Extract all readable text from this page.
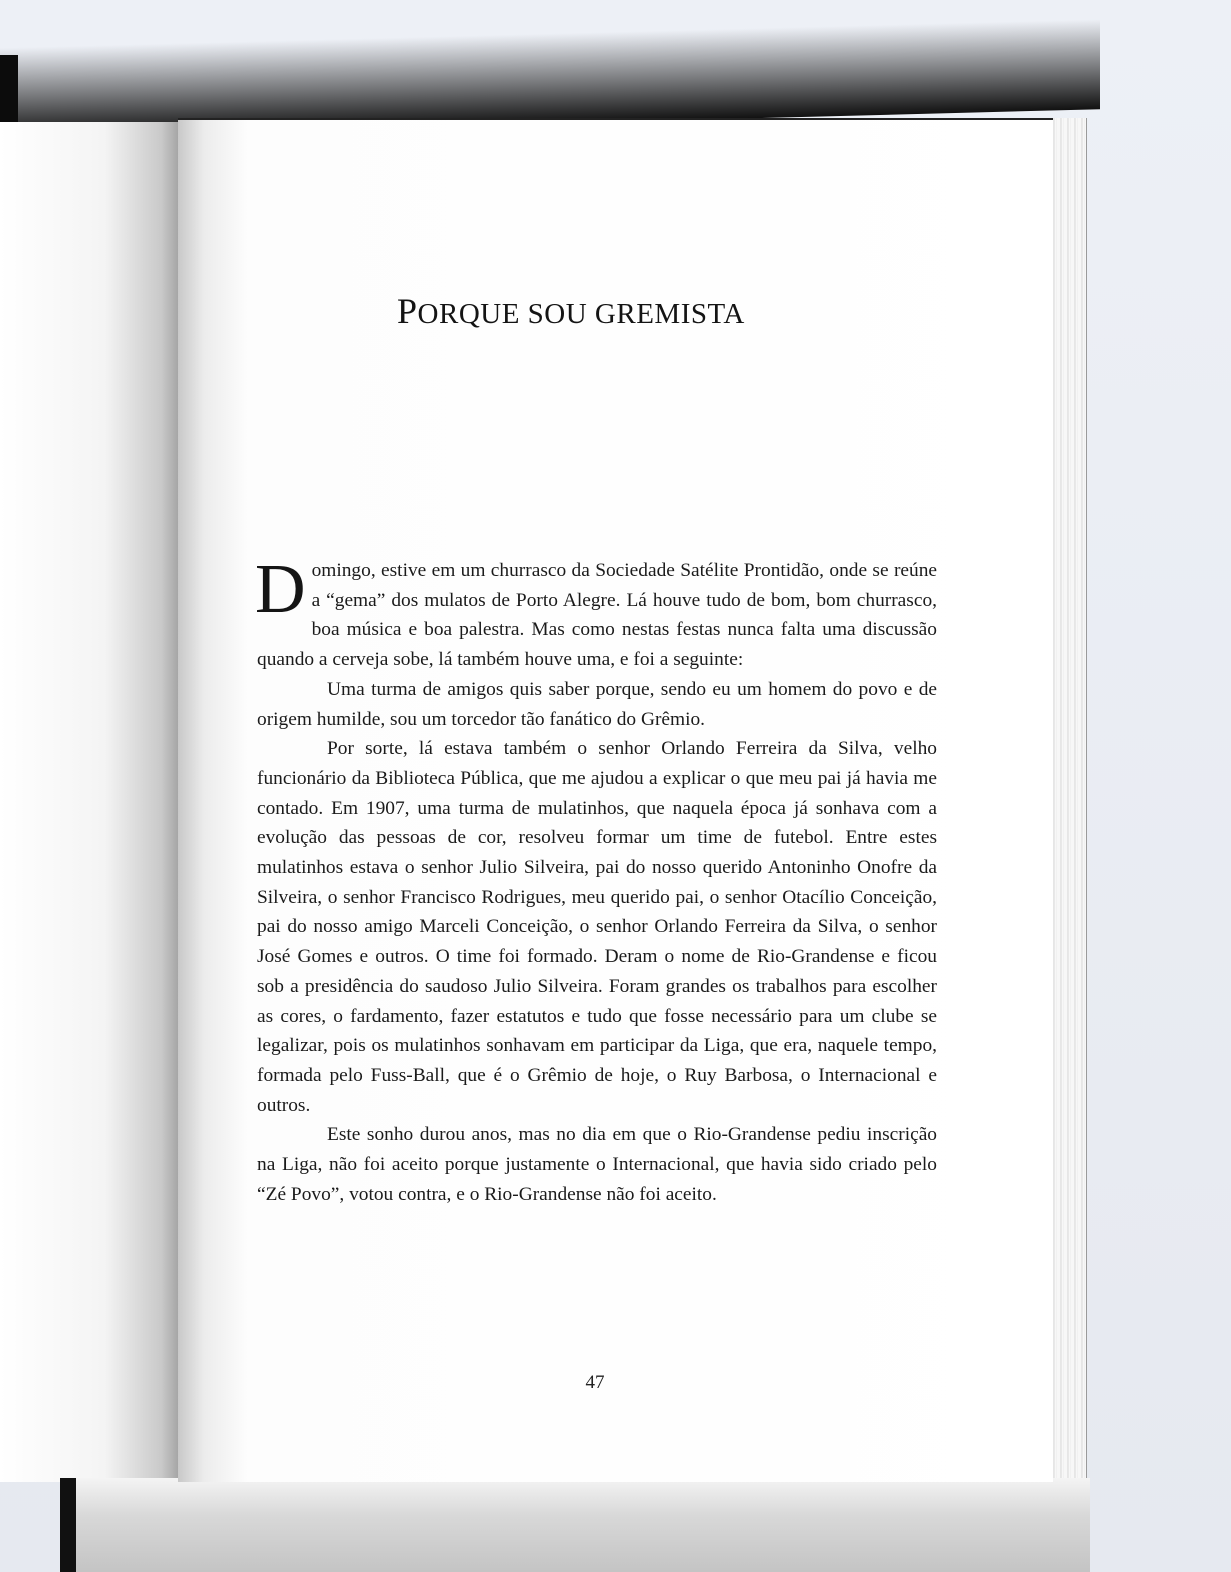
PORQUE SOU GREMISTA

Domingo, estive em um churrasco da Sociedade Satélite Prontidão, onde se reúne a “gema” dos mulatos de Porto Alegre. Lá houve tudo de bom, bom churrasco, boa música e boa palestra. Mas como nestas festas nunca falta uma discussão quando a cerveja sobe, lá também houve uma, e foi a seguinte:

Uma turma de amigos quis saber porque, sendo eu um homem do povo e de origem humilde, sou um torcedor tão fanático do Grêmio.

Por sorte, lá estava também o senhor Orlando Ferreira da Silva, velho funcionário da Biblioteca Pública, que me ajudou a explicar o que meu pai já havia me contado. Em 1907, uma turma de mulatinhos, que naquela época já sonhava com a evolução das pessoas de cor, resolveu formar um time de futebol. Entre estes mulatinhos estava o senhor Julio Silveira, pai do nosso querido Antoninho Onofre da Silveira, o senhor Francisco Rodrigues, meu querido pai, o senhor Otacílio Conceição, pai do nosso amigo Marceli Conceição, o senhor Orlando Ferreira da Silva, o senhor José Gomes e outros. O time foi formado. Deram o nome de Rio-Grandense e ficou sob a presidência do saudoso Julio Silveira. Foram grandes os trabalhos para escolher as cores, o fardamento, fazer estatutos e tudo que fosse necessário para um clube se legalizar, pois os mulatinhos sonhavam em participar da Liga, que era, naquele tempo, formada pelo Fuss-Ball, que é o Grêmio de hoje, o Ruy Barbosa, o Internacional e outros.

Este sonho durou anos, mas no dia em que o Rio-Grandense pediu inscrição na Liga, não foi aceito porque justamente o Internacional, que havia sido criado pelo “Zé Povo”, votou contra, e o Rio-Grandense não foi aceito.

47
